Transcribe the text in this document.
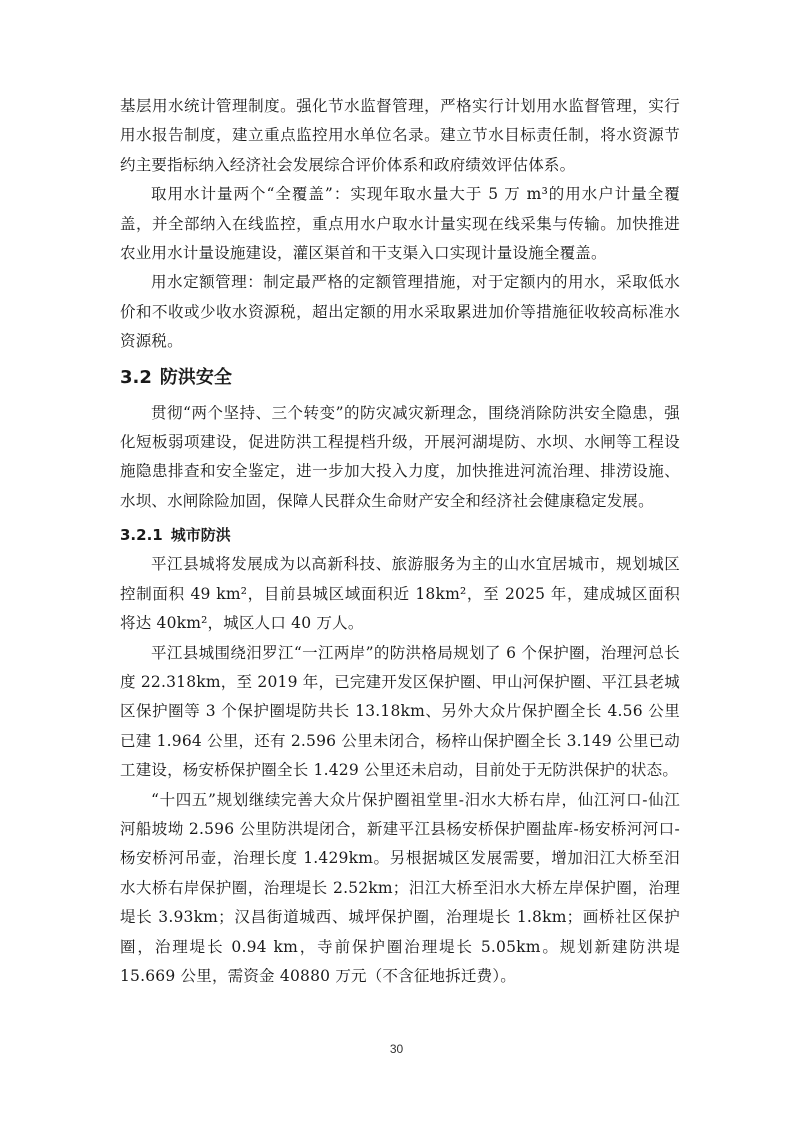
基层用水统计管理制度。强化节水监督管理，严格实行计划用水监督管理，实行用水报告制度，建立重点监控用水单位名录。建立节水目标责任制，将水资源节约主要指标纳入经济社会发展综合评价体系和政府绩效评估体系。

取用水计量两个“全覆盖”：实现年取水量大于 5 万 m³的用水户计量全覆盖，并全部纳入在线监控，重点用水户取水计量实现在线采集与传输。加快推进农业用水计量设施建设，灌区渠首和干支渠入口实现计量设施全覆盖。

用水定额管理：制定最严格的定额管理措施，对于定额内的用水，采取低水价和不收或少收水资源税，超出定额的用水采取累进加价等措施征收较高标准水资源税。

3.2 防洪安全

贯彻“两个坚持、三个转变”的防灾减灾新理念，围绕消除防洪安全隐患，强化短板弱项建设，促进防洪工程提档升级，开展河湖堤防、水坝、水闸等工程设施隐患排查和安全鉴定，进一步加大投入力度，加快推进河流治理、排涝设施、水坝、水闸除险加固，保障人民群众生命财产安全和经济社会健康稳定发展。

3.2.1 城市防洪

平江县城将发展成为以高新科技、旅游服务为主的山水宜居城市，规划城区控制面积 49 km²，目前县城区域面积近 18km²，至 2025 年，建成城区面积将达 40km²，城区人口 40 万人。

平江县城围绕汨罗江“一江两岸”的防洪格局规划了 6 个保护圈，治理河总长度 22.318km，至 2019 年，已完建开发区保护圈、甲山河保护圈、平江县老城区保护圈等 3 个保护圈堤防共长 13.18km、另外大众片保护圈全长 4.56 公里已建 1.964 公里，还有 2.596 公里未闭合，杨梓山保护圈全长 3.149 公里已动工建设，杨安桥保护圈全长 1.429 公里还未启动，目前处于无防洪保护的状态。

“十四五”规划继续完善大众片保护圈祖堂里-汨水大桥右岸，仙江河口-仙江河船坡坳 2.596 公里防洪堤闭合，新建平江县杨安桥保护圈盐库-杨安桥河河口-杨安桥河吊壶，治理长度 1.429km。另根据城区发展需要，增加汨江大桥至汨水大桥右岸保护圈，治理堤长 2.52km；汨江大桥至汨水大桥左岸保护圈，治理堤长 3.93km；汉昌街道城西、城坪保护圈，治理堤长 1.8km；画桥社区保护圈，治理堤长 0.94 km，寺前保护圈治理堤长 5.05km。规划新建防洪堤 15.669 公里，需资金 40880 万元（不含征地拆迁费）。

30
